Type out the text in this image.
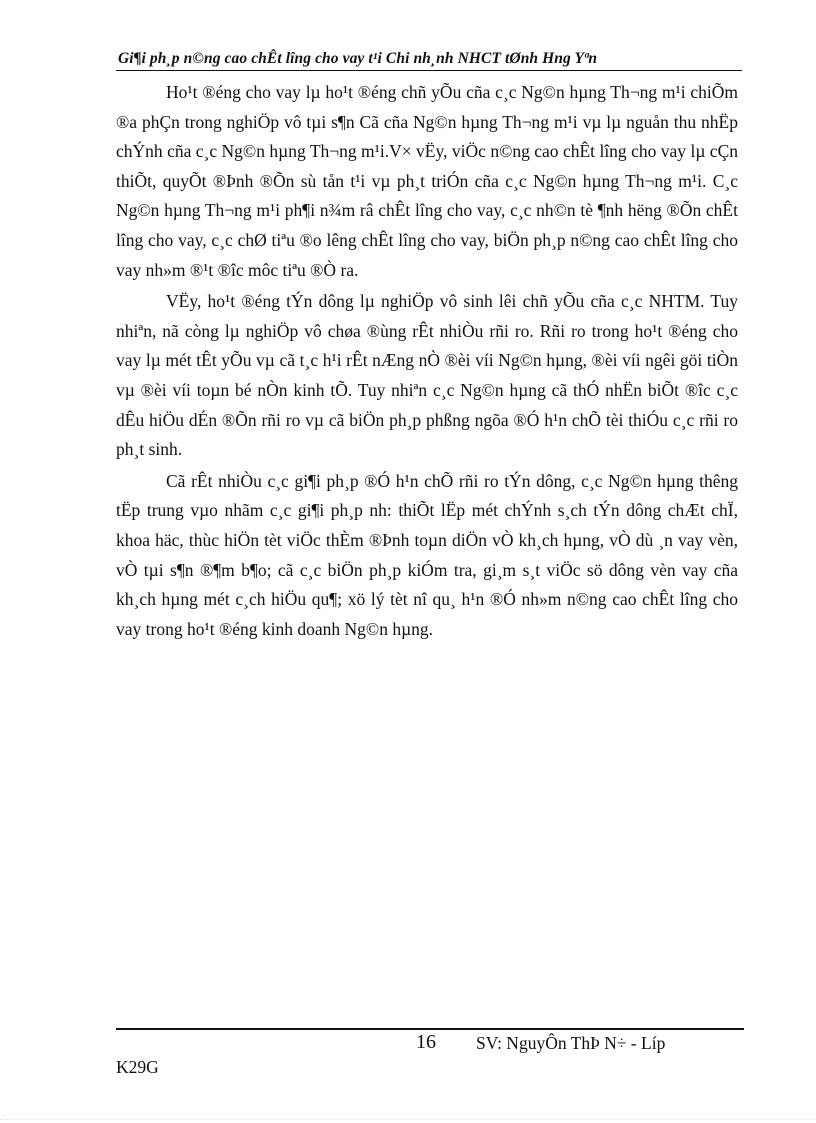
Gi¶i ph¸p n©ng cao chÊt lîng cho vay t¹i Chi nh¸nh NHCT tØnh Hng Yªn

Ho¹t ®éng cho vay lµ ho¹t ®éng chñ yÕu cña c¸c Ng©n hµng Th¬ng m¹i chiÕm ®a phÇn trong nghiÖp vô tµi s¶n Cã cña Ng©n hµng Th¬ng m¹i vµ lµ nguån thu nhËp chÝnh cña c¸c Ng©n hµng Th¬ng m¹i.V× vËy, viÖc n©ng cao chÊt lîng cho vay lµ cÇn thiÕt, quyÕt ®Þnh ®Õn sù tån t¹i vµ ph¸t triÓn cña c¸c Ng©n hµng Th¬ng m¹i. C¸c Ng©n hµng Th¬ng m¹i ph¶i n¾m râ chÊt lîng cho vay, c¸c nh©n tè ¶nh hëng ®Õn chÊt lîng cho vay, c¸c chØ tiªu ®o lêng chÊt lîng cho vay, biÖn ph¸p n©ng cao chÊt lîng cho vay nh»m ®¹t ®îc môc tiªu ®Ò ra.

VËy, ho¹t ®éng tÝn dông lµ nghiÖp vô sinh lêi chñ yÕu cña c¸c NHTM. Tuy nhiªn, nã còng lµ nghiÖp vô chøa ®ùng rÊt nhiÒu rñi ro. Rñi ro trong ho¹t ®éng cho vay lµ mét tÊt yÕu vµ cã t¸c h¹i rÊt nÆng nÒ ®èi víi Ng©n hµng, ®èi víi ngêi göi tiÒn vµ ®èi víi toµn bé nÒn kinh tÕ. Tuy nhiªn c¸c Ng©n hµng cã thÓ nhËn biÕt ®îc c¸c dÊu hiÖu dÉn ®Õn rñi ro vµ cã biÖn ph¸p phßng ngõa ®Ó h¹n chÕ tèi thiÓu c¸c rñi ro ph¸t sinh.

Cã rÊt nhiÒu c¸c gi¶i ph¸p ®Ó h¹n chÕ rñi ro tÝn dông, c¸c Ng©n hµng thêng tËp trung vµo nhãm c¸c gi¶i ph¸p nh: thiÕt lËp mét chÝnh s¸ch tÝn dông chÆt chÏ, khoa häc, thùc hiÖn tèt viÖc thÈm ®Þnh toµn diÖn vÒ kh¸ch hµng, vÒ dù ¸n vay vèn, vÒ tµi s¶n ®¶m b¶o; cã c¸c biÖn ph¸p kiÓm tra, gi¸m s¸t viÖc sö dông vèn vay cña kh¸ch hµng mét c¸ch hiÖu qu¶; xö lý tèt nî qu¸ h¹n ®Ó nh»m n©ng cao chÊt lîng cho vay trong ho¹t ®éng kinh doanh Ng©n hµng.

16 SV: NguyÔn ThÞ N÷ - Líp
K29G
